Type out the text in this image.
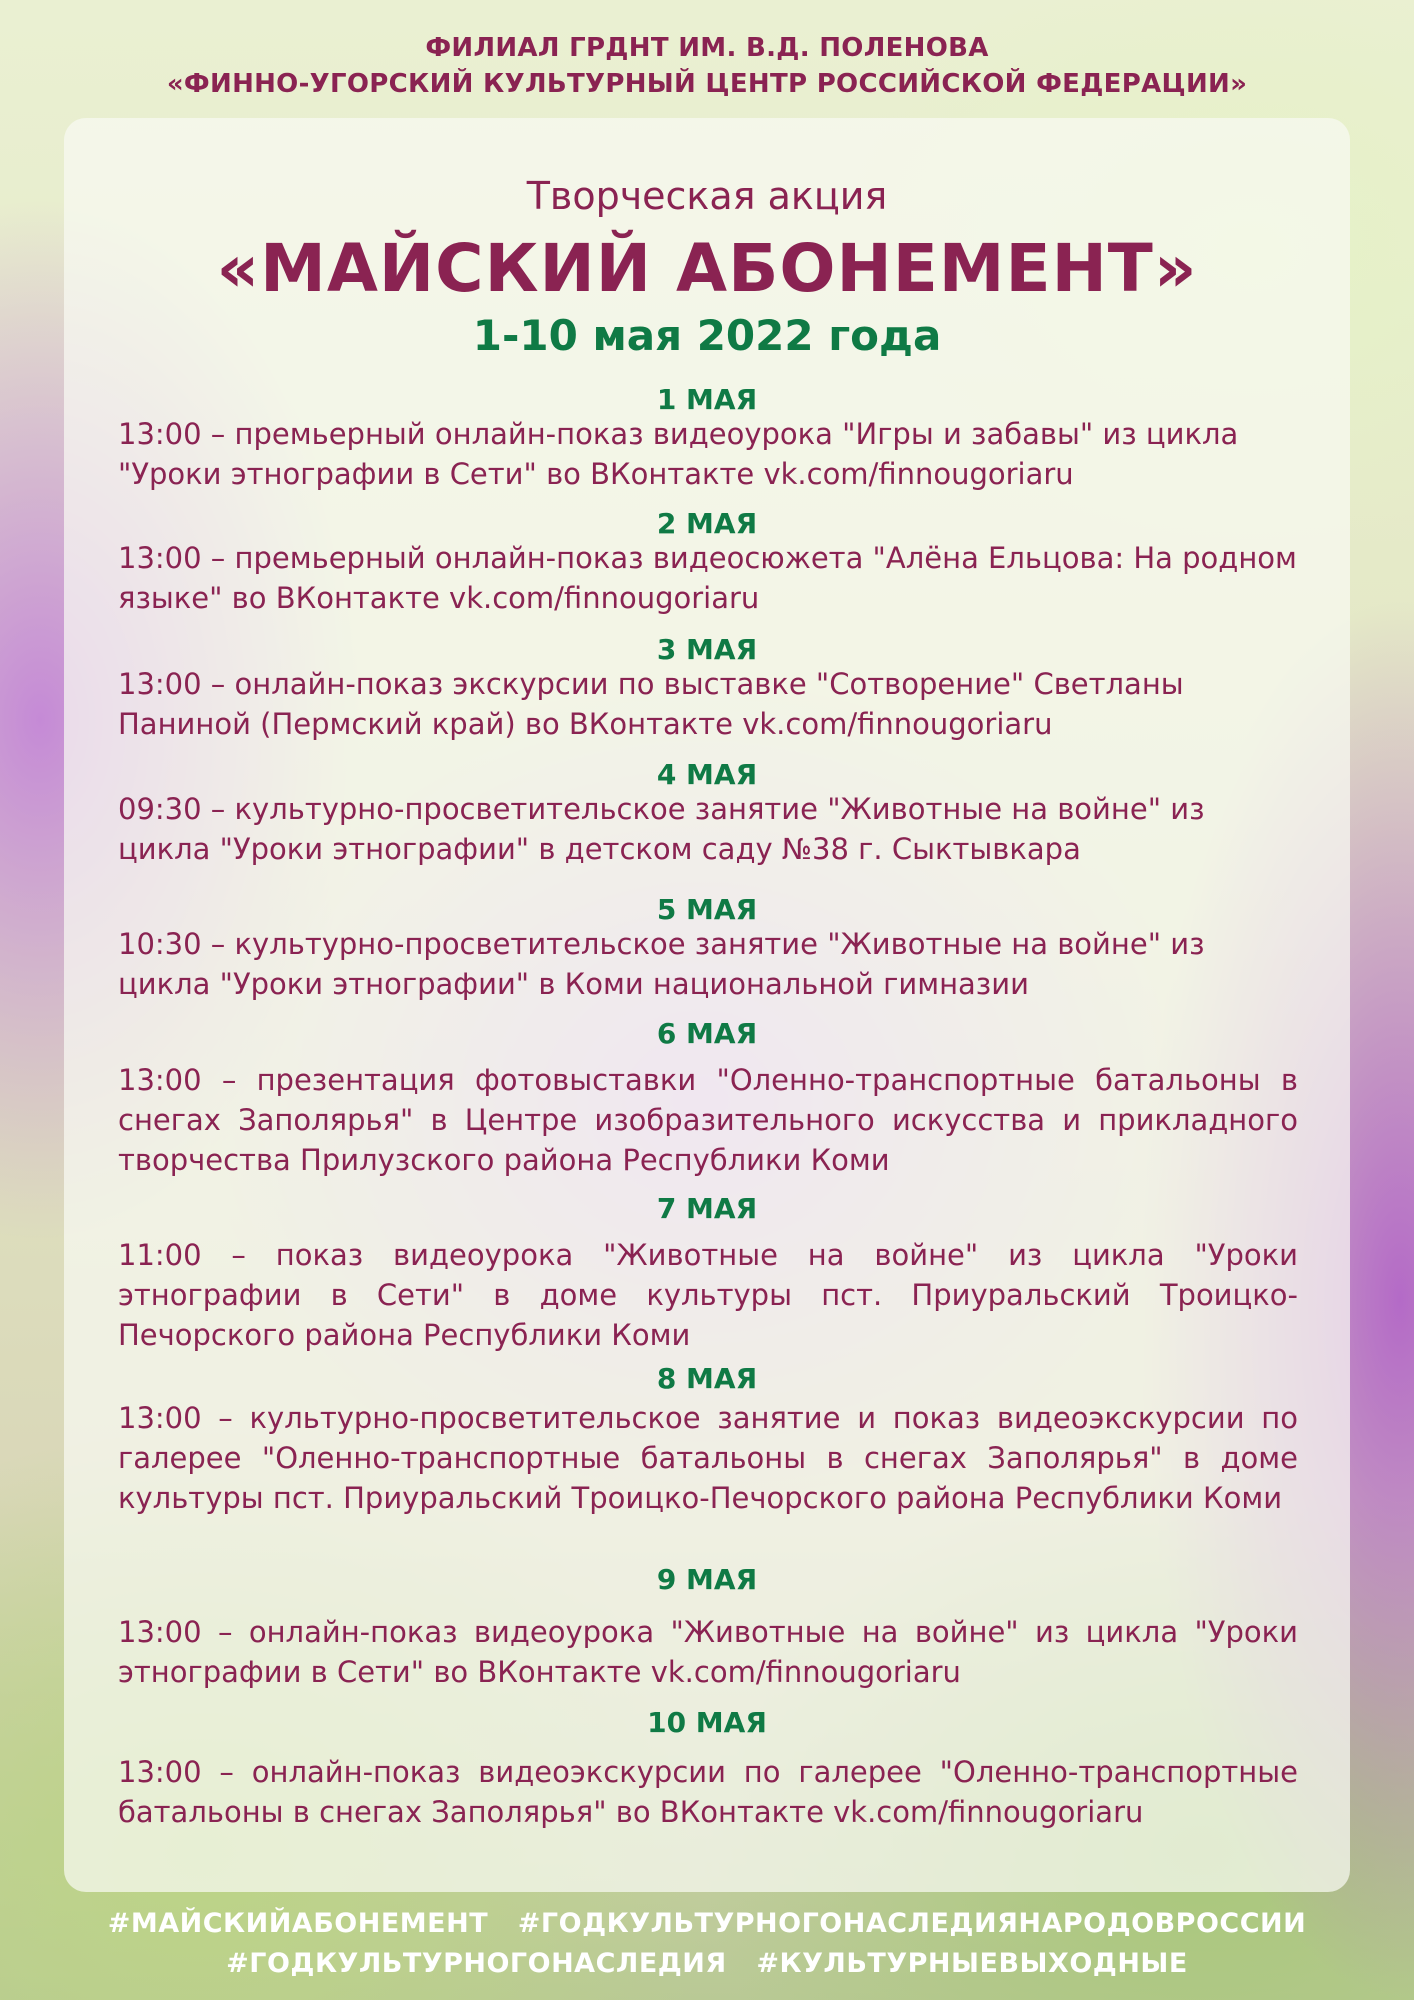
ФИЛИАЛ ГРДНТ ИМ. В.Д. ПОЛЕНОВА
«ФИННО-УГОРСКИЙ КУЛЬТУРНЫЙ ЦЕНТР РОССИЙСКОЙ ФЕДЕРАЦИИ»
Творческая акция
«МАЙСКИЙ АБОНЕМЕНТ»
1-10 мая 2022 года
1 МАЯ

13:00 – премьерный онлайн-показ видеоурока "Игры и забавы" из цикла "Уроки этнографии в Сети" во ВКонтакте vk.com/finnougoriaru

2 МАЯ

13:00 – премьерный онлайн-показ видеосюжета "Алёна Ельцова: На родном языке" во ВКонтакте vk.com/finnougoriaru

3 МАЯ

13:00 – онлайн-показ экскурсии по выставке "Сотворение" Светланы Паниной (Пермский край) во ВКонтакте vk.com/finnougoriaru

4 МАЯ

09:30 – культурно-просветительское занятие "Животные на войне" из цикла "Уроки этнографии" в детском саду №38 г. Сыктывкара

5 МАЯ

10:30 – культурно-просветительское занятие "Животные на войне" из цикла "Уроки этнографии" в Коми национальной гимназии

6 МАЯ

13:00 – презентация фотовыставки "Оленно-транспортные батальоны в снегах Заполярья" в Центре изобразительного искусства и прикладного творчества Прилузского района Республики Коми

7 МАЯ

11:00 – показ видеоурока "Животные на войне" из цикла "Уроки этнографии в Сети" в доме культуры пст. Приуральский Троицко-Печорского района Республики Коми

8 МАЯ

13:00 – культурно-просветительское занятие и показ видеоэкскурсии по галерее "Оленно-транспортные батальоны в снегах Заполярья" в доме культуры пст. Приуральский Троицко-Печорского района Республики Коми

9 МАЯ

13:00 – онлайн-показ видеоурока "Животные на войне" из цикла "Уроки этнографии в Сети" во ВКонтакте vk.com/finnougoriaru

10 МАЯ

13:00 – онлайн-показ видеоэкскурсии по галерее "Оленно-транспортные батальоны в снегах Заполярья" во ВКонтакте vk.com/finnougoriaru

#МАЙСКИЙАБОНЕМЕНТ   #ГОДКУЛЬТУРНОГОНАСЛЕДИЯНАРОДОВРОССИИ
#ГОДКУЛЬТУРНОГОНАСЛЕДИЯ   #КУЛЬТУРНЫЕВЫХОДНЫЕ
